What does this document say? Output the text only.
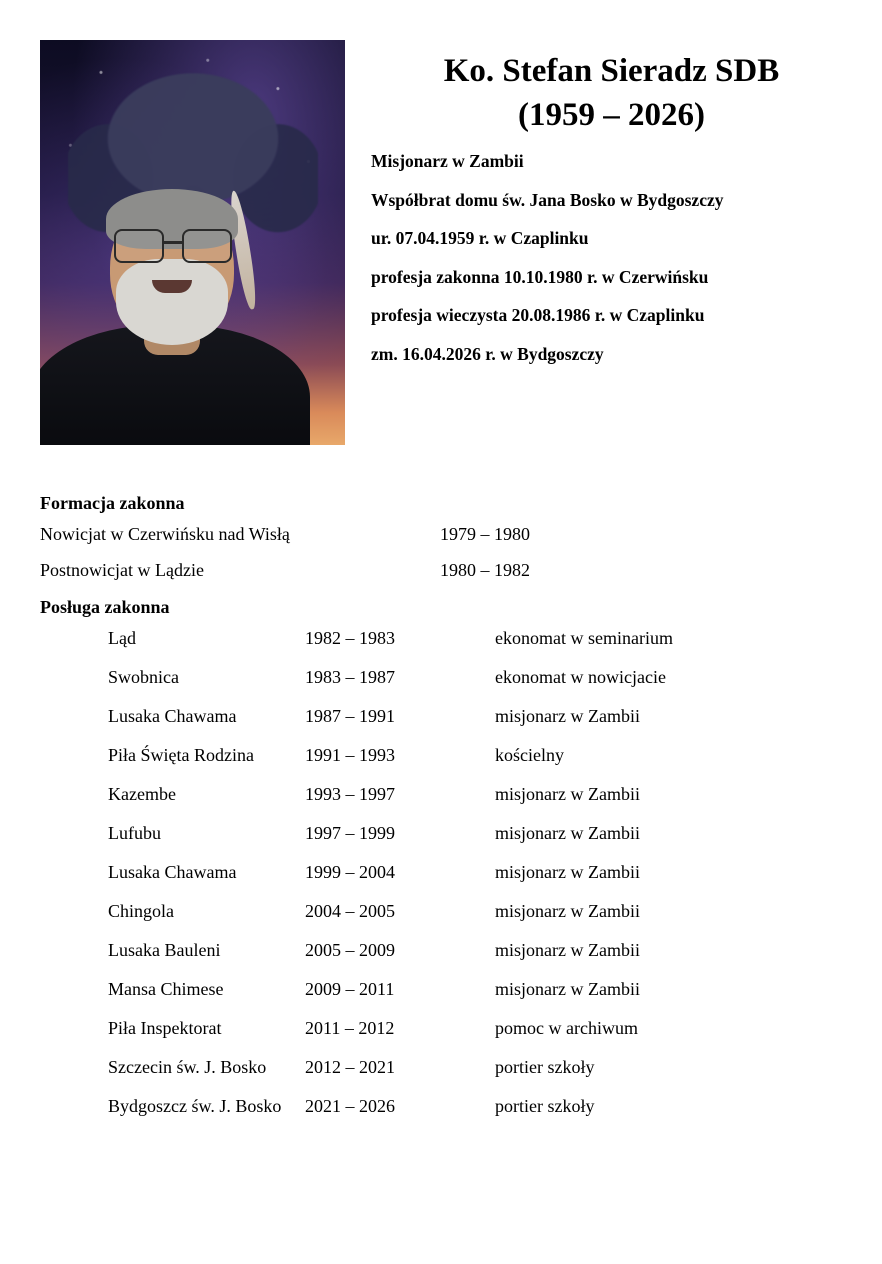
Ko. Stefan Sieradz SDB
(1959 – 2026)

Misjonarz w Zambii

Współbrat domu św. Jana Bosko w Bydgoszczy

ur. 07.04.1959 r. w Czaplinku

profesja zakonna 10.10.1980 r. w Czerwińsku

profesja wieczysta 20.08.1986 r. w Czaplinku

zm. 16.04.2026 r. w Bydgoszczy

Formacja zakonna
Nowicjat w Czerwińsku nad Wisłą	1979 – 1980
Postnowicjat w Lądzie	1980 – 1982
Posługa zakonna
Ląd	1982 – 1983	ekonomat w seminarium
Swobnica	1983 – 1987	ekonomat w nowicjacie
Lusaka Chawama	1987 – 1991	misjonarz w Zambii
Piła Święta Rodzina	1991 – 1993	kościelny
Kazembe	1993 – 1997	misjonarz w Zambii
Lufubu	1997 – 1999	misjonarz w Zambii
Lusaka Chawama	1999 – 2004	misjonarz w Zambii
Chingola	2004 – 2005	misjonarz w Zambii
Lusaka Bauleni	2005 – 2009	misjonarz w Zambii
Mansa Chimese	2009 – 2011	misjonarz w Zambii
Piła Inspektorat	2011 – 2012	pomoc w archiwum
Szczecin św. J. Bosko	2012 – 2021	portier szkoły
Bydgoszcz św. J. Bosko	2021 – 2026	portier szkoły
